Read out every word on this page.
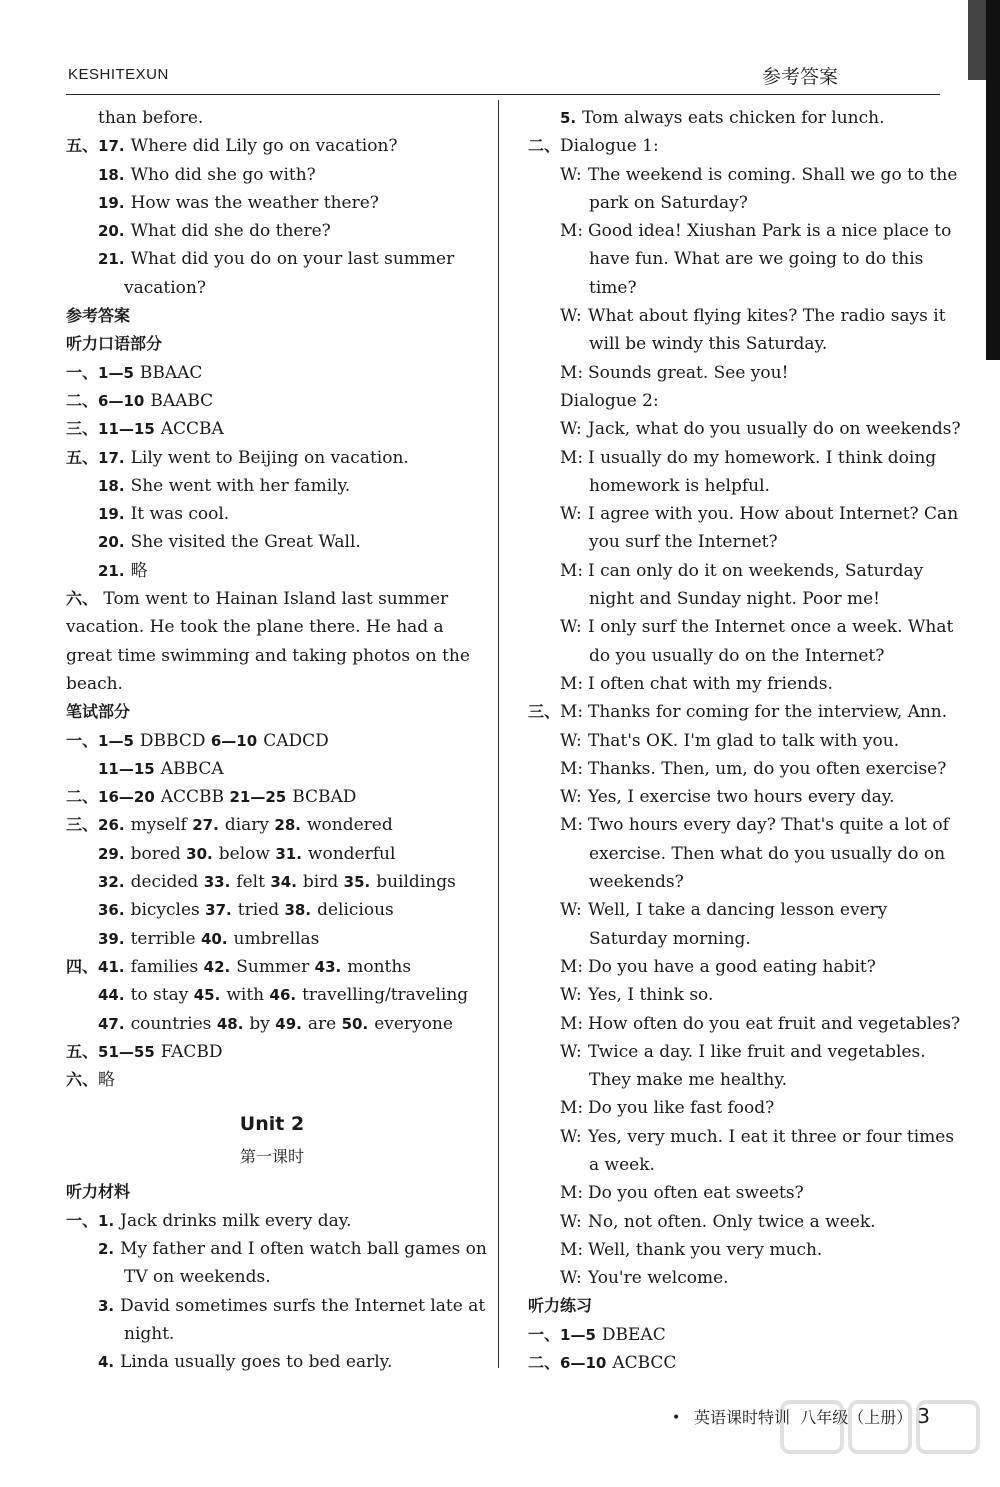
KESHITEXUN	参考答案
than before.
五、17. Where did Lily go on vacation?
18. Who did she go with?
19. How was the weather there?
20. What did she do there?
21. What did you do on your last summer
vacation?
参考答案
听力口语部分
一、1—5 BBAAC
二、6—10 BAABC
三、11—15 ACCBA
五、17. Lily went to Beijing on vacation.
18. She went with her family.
19. It was cool.
20. She visited the Great Wall.
21. 略
六、 Tom went to Hainan Island last summer
vacation. He took the plane there. He had a
great time swimming and taking photos on the
beach.
笔试部分
一、1—5 DBBCD 6—10 CADCD
11—15 ABBCA
二、16—20 ACCBB 21—25 BCBAD
三、26. myself 27. diary 28. wondered
29. bored 30. below 31. wonderful
32. decided 33. felt 34. bird 35. buildings
36. bicycles 37. tried 38. delicious
39. terrible 40. umbrellas
四、41. families 42. Summer 43. months
44. to stay 45. with 46. travelling/traveling
47. countries 48. by 49. are 50. everyone
五、51—55 FACBD
六、略
Unit 2
第一课时
听力材料
一、1. Jack drinks milk every day.
2. My father and I often watch ball games on
TV on weekends.
3. David sometimes surfs the Internet late at
night.
4. Linda usually goes to bed early.
5. Tom always eats chicken for lunch.
二、Dialogue 1:
W: The weekend is coming. Shall we go to the
park on Saturday?
M: Good idea! Xiushan Park is a nice place to
have fun. What are we going to do this
time?
W: What about flying kites? The radio says it
will be windy this Saturday.
M: Sounds great. See you!
Dialogue 2:
W: Jack, what do you usually do on weekends?
M: I usually do my homework. I think doing
homework is helpful.
W: I agree with you. How about Internet? Can
you surf the Internet?
M: I can only do it on weekends, Saturday
night and Sunday night. Poor me!
W: I only surf the Internet once a week. What
do you usually do on the Internet?
M: I often chat with my friends.
三、M: Thanks for coming for the interview, Ann.
W: That's OK. I'm glad to talk with you.
M: Thanks. Then, um, do you often exercise?
W: Yes, I exercise two hours every day.
M: Two hours every day? That's quite a lot of
exercise. Then what do you usually do on
weekends?
W: Well, I take a dancing lesson every
Saturday morning.
M: Do you have a good eating habit?
W: Yes, I think so.
M: How often do you eat fruit and vegetables?
W: Twice a day. I like fruit and vegetables.
They make me healthy.
M: Do you like fast food?
W: Yes, very much. I eat it three or four times
a week.
M: Do you often eat sweets?
W: No, not often. Only twice a week.
M: Well, thank you very much.
W: You're welcome.
听力练习
一、1—5 DBEAC
二、6—10 ACBCC
• 英语课时特训 八年级（上册） 3
